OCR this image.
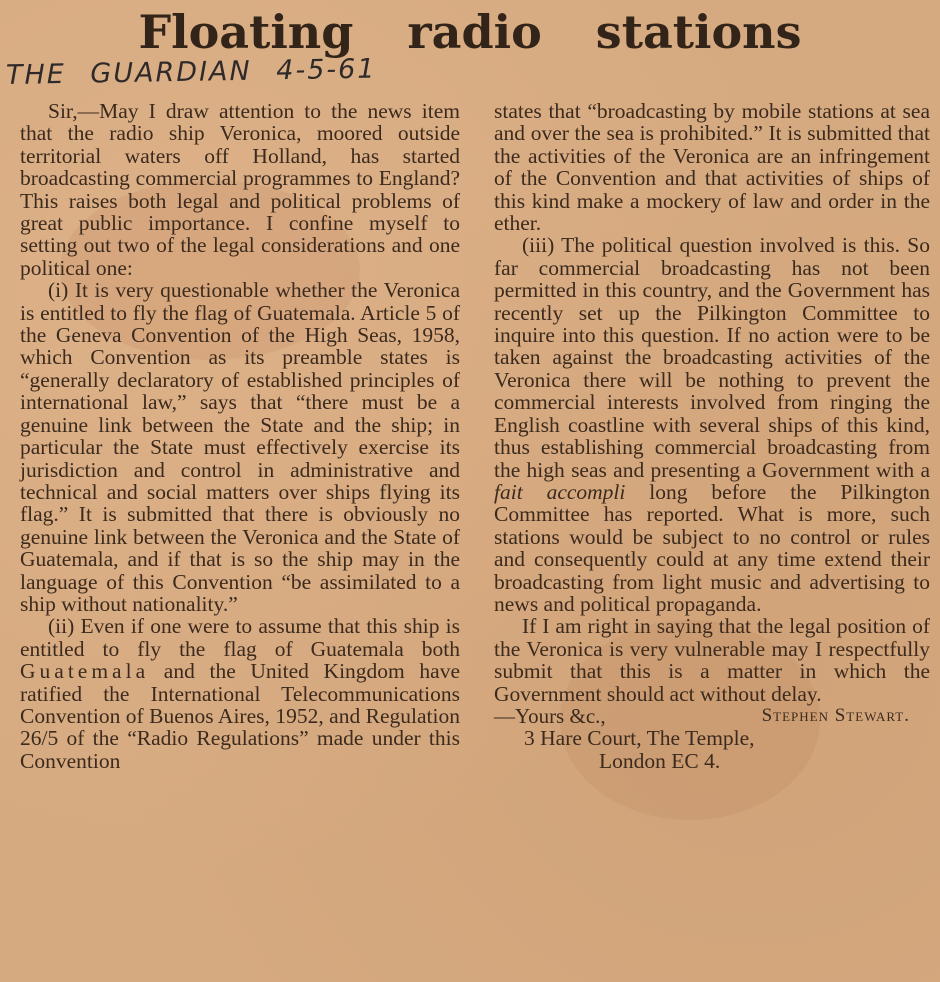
Floating radio stations
THE GUARDIAN 4-5-61

Sir,—May I draw attention to the news item that the radio ship Veronica, moored outside territorial waters off Holland, has started broadcasting commercial programmes to England? This raises both legal and political problems of great public importance. I confine myself to setting out two of the legal considerations and one political one:

(i) It is very questionable whether the Veronica is entitled to fly the flag of Guatemala. Article 5 of the Geneva Convention of the High Seas, 1958, which Convention as its preamble states is “generally declaratory of established principles of international law,” says that “there must be a genuine link between the State and the ship; in particular the State must effectively exercise its jurisdiction and control in administrative and technical and social matters over ships flying its flag.” It is submitted that there is obviously no genuine link between the Veronica and the State of Guatemala, and if that is so the ship may in the language of this Convention “be assimilated to a ship without nationality.”

(ii) Even if one were to assume that this ship is entitled to fly the flag of Guatemala both Guatemala and the United Kingdom have ratified the International Telecommunications Convention of Buenos Aires, 1952, and Regulation 26/5 of the “Radio Regulations” made under this Convention

states that “broadcasting by mobile stations at sea and over the sea is prohibited.” It is submitted that the activities of the Veronica are an infringement of the Convention and that activities of ships of this kind make a mockery of law and order in the ether.

(iii) The political question involved is this. So far commercial broadcasting has not been permitted in this country, and the Government has recently set up the Pilkington Committee to inquire into this question. If no action were to be taken against the broadcasting activities of the Veronica there will be nothing to prevent the commercial interests involved from ringing the English coastline with several ships of this kind, thus establishing commercial broadcasting from the high seas and presenting a Government with a fait accompli long before the Pilkington Committee has reported. What is more, such stations would be subject to no control or rules and consequently could at any time extend their broadcasting from light music and advertising to news and political propaganda.

If I am right in saying that the legal position of the Veronica is very vulnerable may I respectfully submit that this is a matter in which the Government should act without delay.

—Yours &c.,	Stephen Stewart.
3 Hare Court, The Temple,
London EC 4.
